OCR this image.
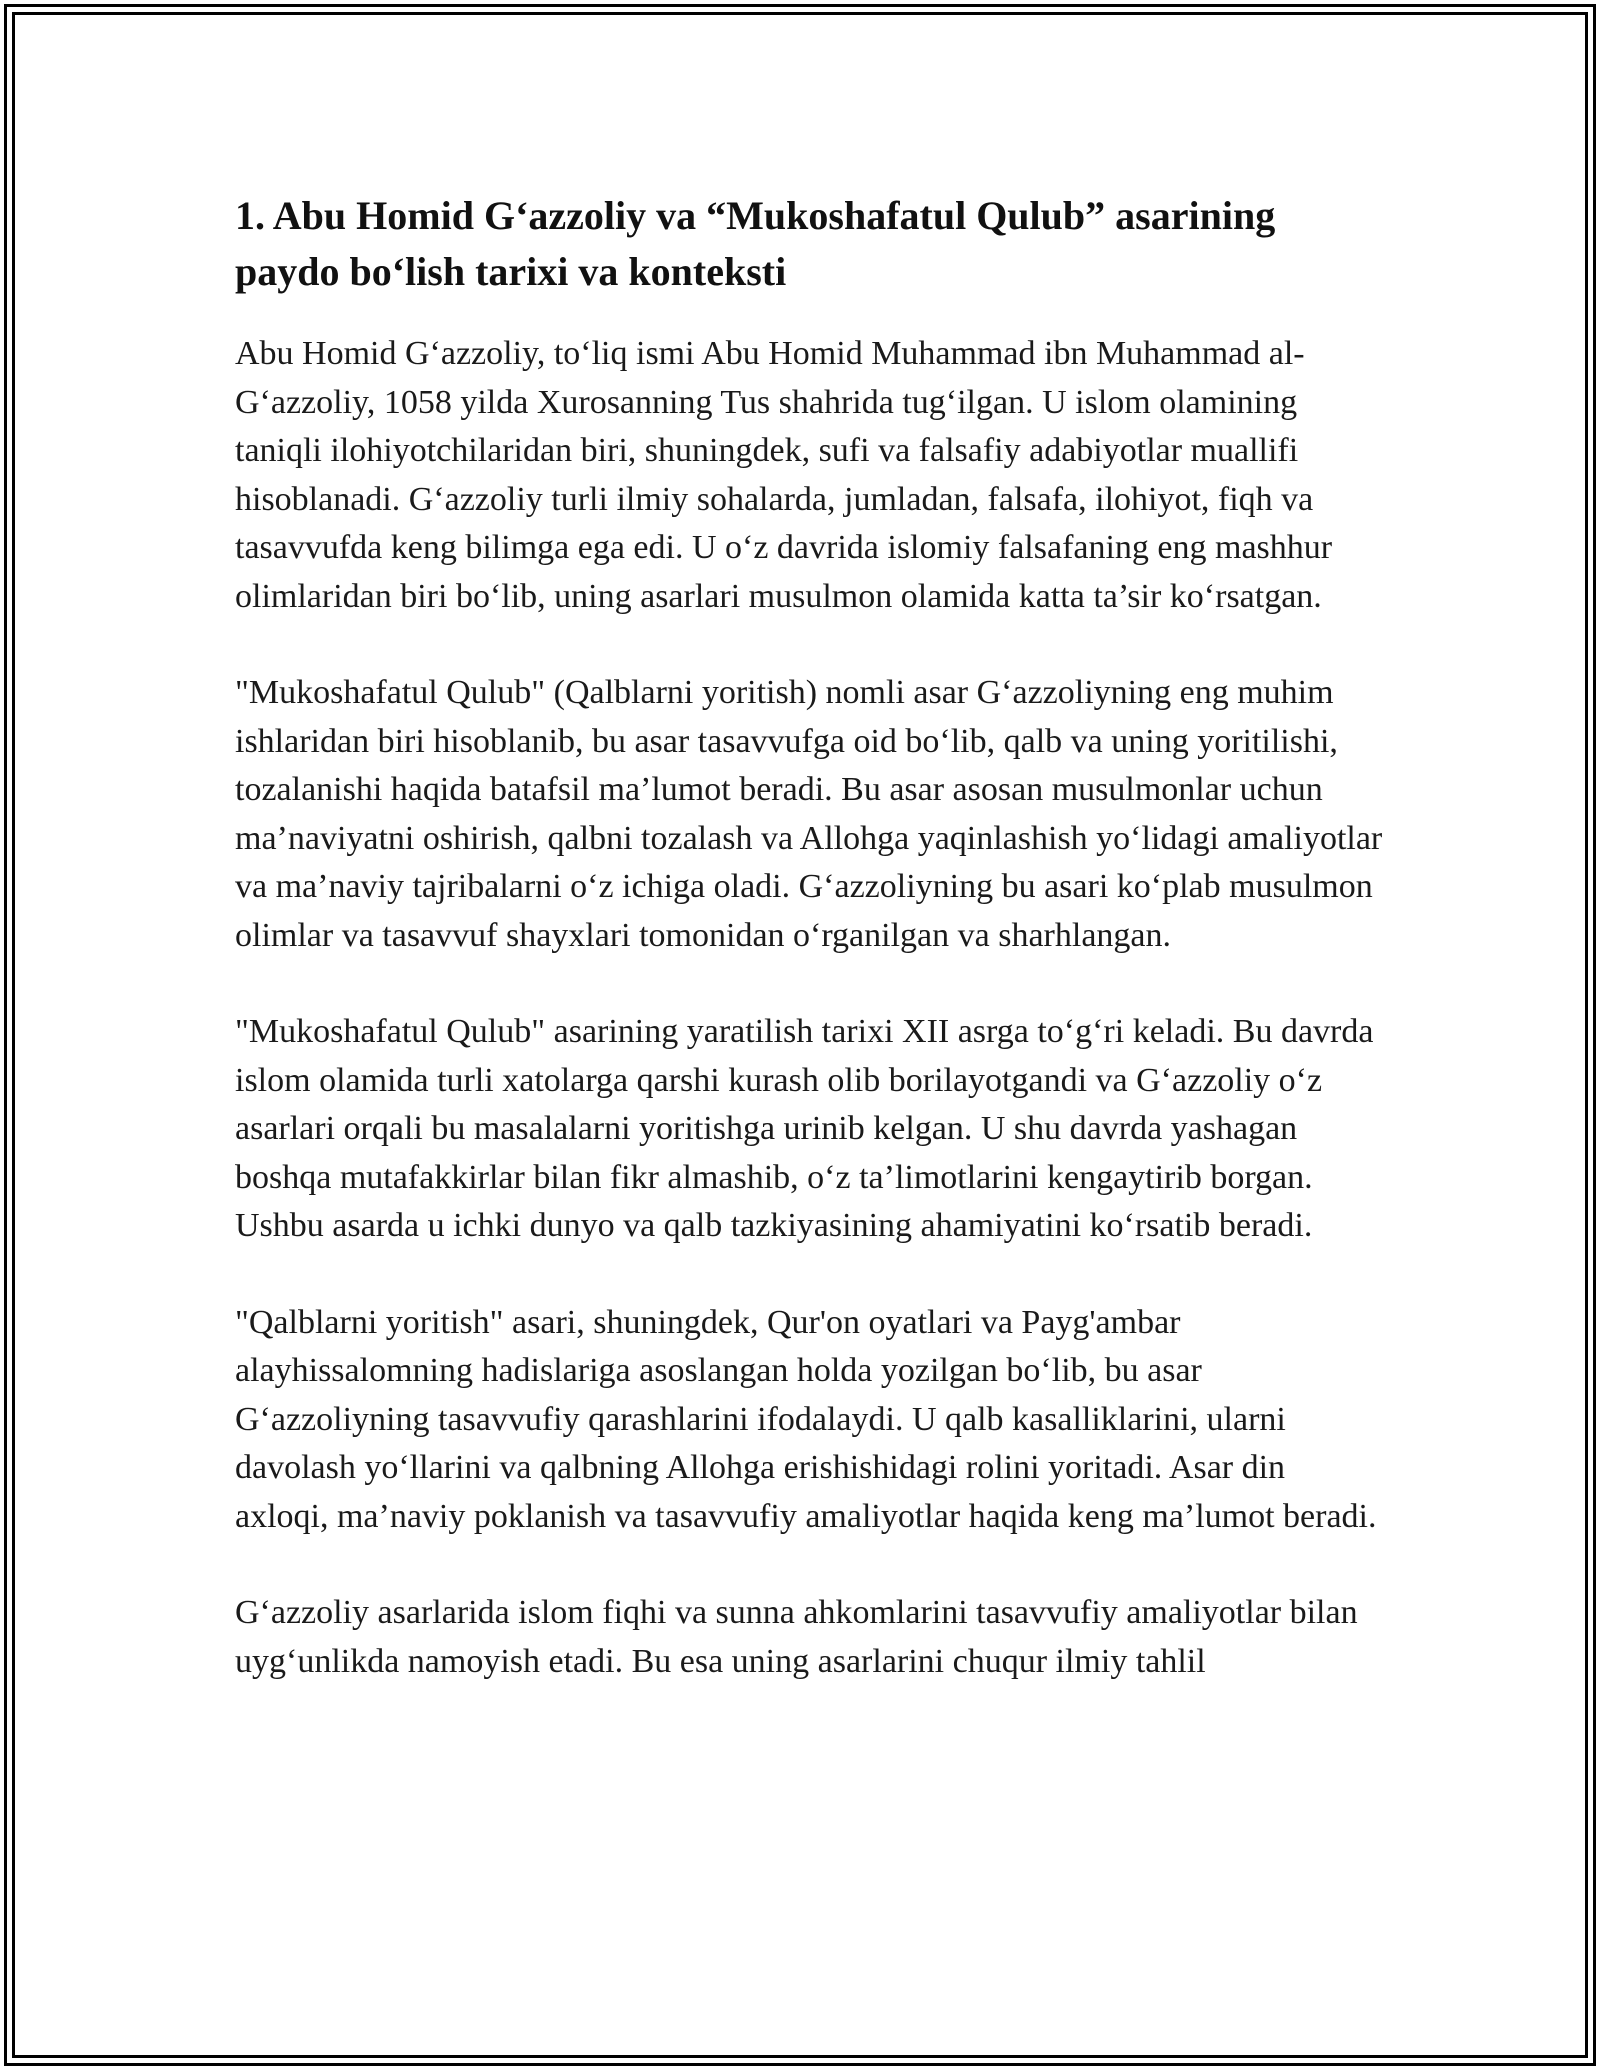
1. Abu Homid G‘azzoliy va “Mukoshafatul Qulub” asarining paydo bo‘lish tarixi va konteksti

Abu Homid G‘azzoliy, to‘liq ismi Abu Homid Muhammad ibn Muhammad al-G‘azzoliy, 1058 yilda Xurosanning Tus shahrida tug‘ilgan. U islom olamining taniqli ilohiyotchilaridan biri, shuningdek, sufi va falsafiy adabiyotlar muallifi hisoblanadi. G‘azzoliy turli ilmiy sohalarda, jumladan, falsafa, ilohiyot, fiqh va tasavvufda keng bilimga ega edi. U o‘z davrida islomiy falsafaning eng mashhur olimlaridan biri bo‘lib, uning asarlari musulmon olamida katta ta’sir ko‘rsatgan.

"Mukoshafatul Qulub" (Qalblarni yoritish) nomli asar G‘azzoliyning eng muhim ishlaridan biri hisoblanib, bu asar tasavvufga oid bo‘lib, qalb va uning yoritilishi, tozalanishi haqida batafsil ma’lumot beradi. Bu asar asosan musulmonlar uchun ma’naviyatni oshirish, qalbni tozalash va Allohga yaqinlashish yo‘lidagi amaliyotlar va ma’naviy tajribalarni o‘z ichiga oladi. G‘azzoliyning bu asari ko‘plab musulmon olimlar va tasavvuf shayxlari tomonidan o‘rganilgan va sharhlangan.

"Mukoshafatul Qulub" asarining yaratilish tarixi XII asrga to‘g‘ri keladi. Bu davrda islom olamida turli xatolarga qarshi kurash olib borilayotgandi va G‘azzoliy o‘z asarlari orqali bu masalalarni yoritishga urinib kelgan. U shu davrda yashagan boshqa mutafakkirlar bilan fikr almashib, o‘z ta’limotlarini kengaytirib borgan. Ushbu asarda u ichki dunyo va qalb tazkiyasining ahamiyatini ko‘rsatib beradi.

"Qalblarni yoritish" asari, shuningdek, Qur'on oyatlari va Payg'ambar alayhissalomning hadislariga asoslangan holda yozilgan bo‘lib, bu asar G‘azzoliyning tasavvufiy qarashlarini ifodalaydi. U qalb kasalliklarini, ularni davolash yo‘llarini va qalbning Allohga erishishidagi rolini yoritadi. Asar din axloqi, ma’naviy poklanish va tasavvufiy amaliyotlar haqida keng ma’lumot beradi.

G‘azzoliy asarlarida islom fiqhi va sunna ahkomlarini tasavvufiy amaliyotlar bilan uyg‘unlikda namoyish etadi. Bu esa uning asarlarini chuqur ilmiy tahlil
